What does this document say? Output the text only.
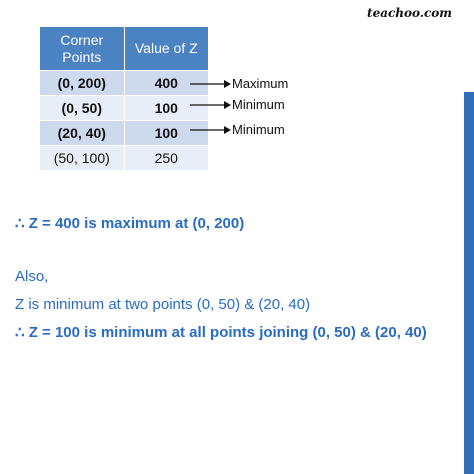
teachoo.com
Corner Points	Value of Z
(0, 200)	400
(0, 50)	100
(20, 40)	100
(50, 100)	250
Maximum
Minimum
Minimum
∴ Z = 400 is maximum at (0, 200)
Also,
Z is minimum at two points (0, 50) & (20, 40)
∴ Z = 100 is minimum at all points joining (0, 50) & (20, 40)
